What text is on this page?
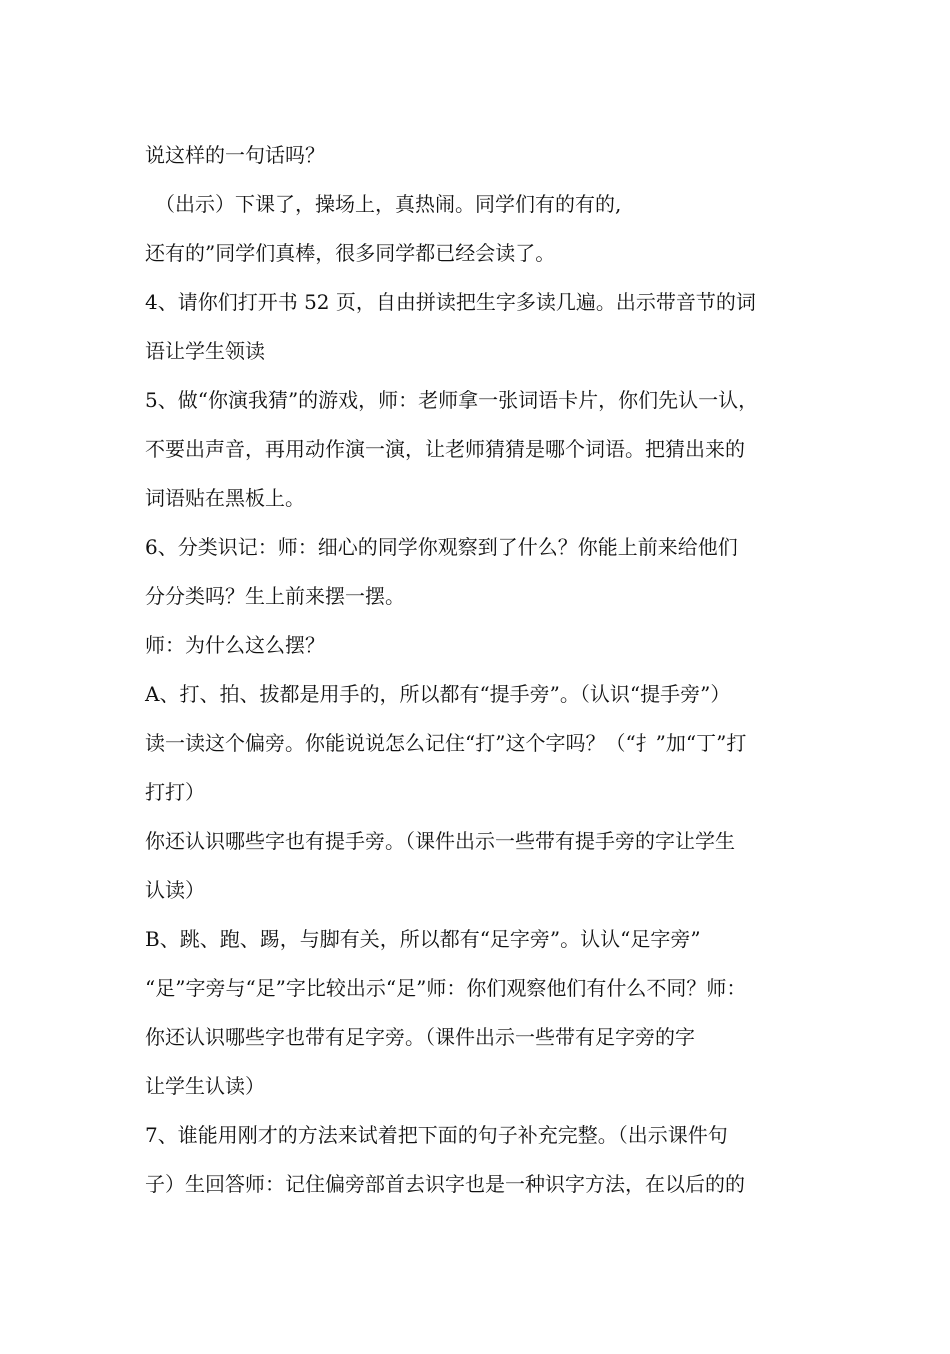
说这样的一句话吗？
（出示）下课了，操场上，真热闹。同学们有的有的,
还有的”同学们真棒，很多同学都已经会读了。
4、请你们打开书 52 页，自由拼读把生字多读几遍。出示带音节的词
语让学生领读
5、做“你演我猜”的游戏，师：老师拿一张词语卡片，你们先认一认，
不要出声音，再用动作演一演，让老师猜猜是哪个词语。把猜出来的
词语贴在黑板上。
6、分类识记：师：细心的同学你观察到了什么？你能上前来给他们
分分类吗？生上前来摆一摆。
师：为什么这么摆？
A、打、拍、拔都是用手的，所以都有“提手旁”。（认识“提手旁”）
读一读这个偏旁。你能说说怎么记住“打”这个字吗？（“扌”加“丁”打
打打）
你还认识哪些字也有提手旁。（课件出示一些带有提手旁的字让学生
认读）
B、跳、跑、踢，与脚有关，所以都有“足字旁”。认认“足字旁”
“足”字旁与“足”字比较出示“足”师：你们观察他们有什么不同？师：
你还认识哪些字也带有足字旁。（课件出示一些带有足字旁的字
让学生认读）
7、谁能用刚才的方法来试着把下面的句子补充完整。（出示课件句
子）生回答师：记住偏旁部首去识字也是一种识字方法，在以后的的
